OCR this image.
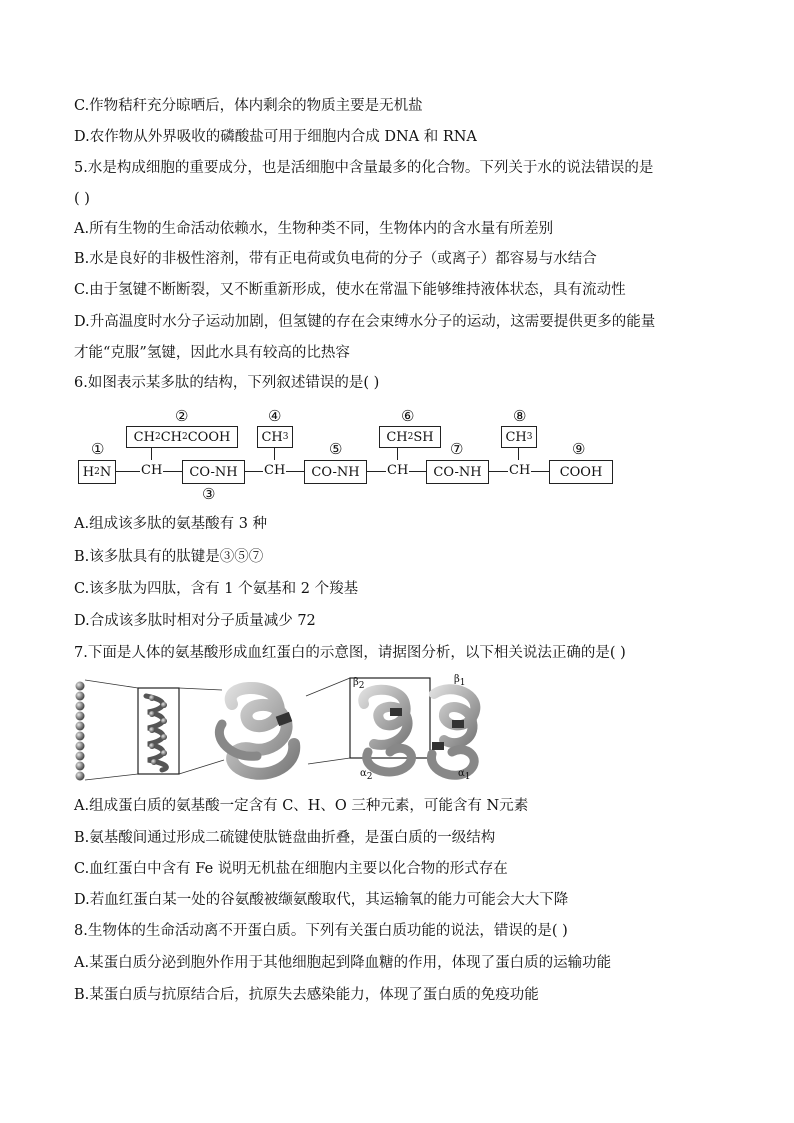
C.作物秸秆充分晾晒后，体内剩余的物质主要是无机盐
D.农作物从外界吸收的磷酸盐可用于细胞内合成 DNA 和 RNA
5.水是构成细胞的重要成分，也是活细胞中含量最多的化合物。下列关于水的说法错误的是
( )
A.所有生物的生命活动依赖水，生物种类不同，生物体内的含水量有所差别
B.水是良好的非极性溶剂，带有正电荷或负电荷的分子（或离子）都容易与水结合
C.由于氢键不断断裂，又不断重新形成，使水在常温下能够维持液体状态，具有流动性
D.升高温度时水分子运动加剧，但氢键的存在会束缚水分子的运动，这需要提供更多的能量
才能“克服”氢键，因此水具有较高的比热容
6.如图表示某多肽的结构，下列叙述错误的是( )
①
②	④	⑥	⑧
⑤	⑦	⑨
③
CH 2 CH 2 COOH CH 3	CH 2 SH	CH 3
H 2 N CH	CO-NH	CH	CO-NH	CH	CO-NH	CH	COOH
A.组成该多肽的氨基酸有 3 种
B.该多肽具有的肽键是③⑤⑦
C.该多肽为四肽，含有 1 个氨基和 2 个羧基
D.合成该多肽时相对分子质量减少 72
7.下面是人体的氨基酸形成血红蛋白的示意图，请据图分析，以下相关说法正确的是( )
$\beta_2$
$\beta_1$
$\alpha_2$	$\alpha_1$
A.组成蛋白质的氨基酸一定含有 C、H、O 三种元素，可能含有 N元素
B.氨基酸间通过形成二硫键使肽链盘曲折叠，是蛋白质的一级结构
C.血红蛋白中含有 Fe 说明无机盐在细胞内主要以化合物的形式存在
D.若血红蛋白某一处的谷氨酸被缬氨酸取代，其运输氧的能力可能会大大下降
8.生物体的生命活动离不开蛋白质。下列有关蛋白质功能的说法，错误的是( )
A.某蛋白质分泌到胞外作用于其他细胞起到降血糖的作用，体现了蛋白质的运输功能
B.某蛋白质与抗原结合后，抗原失去感染能力，体现了蛋白质的免疫功能
